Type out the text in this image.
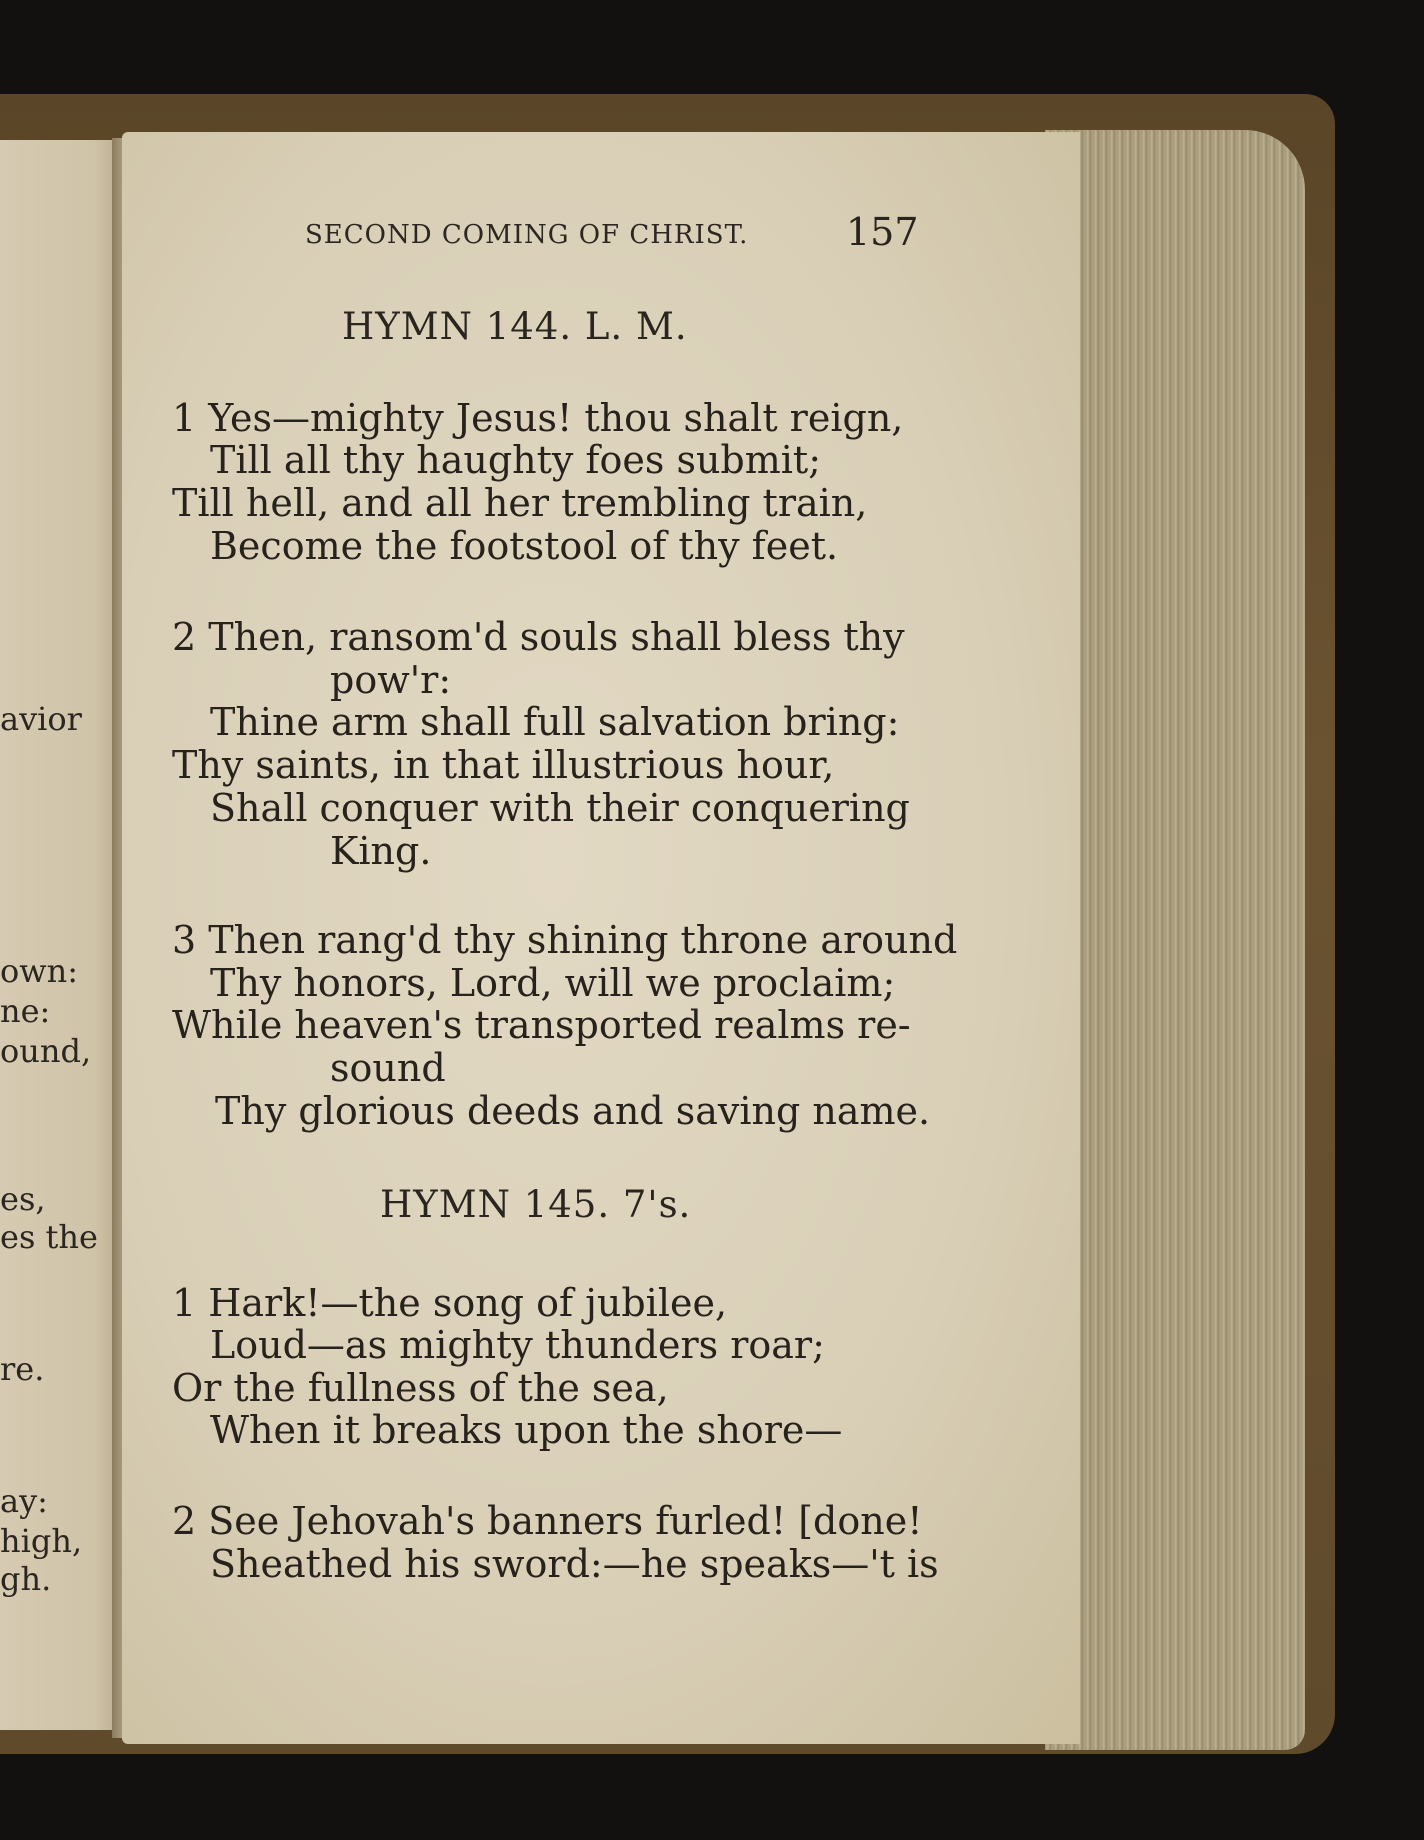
avior
own:
ne:
ound,
es,
es the
re.
ay:
high,
gh.
SECOND COMING OF CHRIST.	157
HYMN 144. L. M.
1 Yes—mighty Jesus! thou shalt reign,
Till all thy haughty foes submit;
Till hell, and all her trembling train,
Become the footstool of thy feet.
2 Then, ransom'd souls shall bless thy
pow'r:
Thine arm shall full salvation bring:
Thy saints, in that illustrious hour,
Shall conquer with their conquering
King.
3 Then rang'd thy shining throne around
Thy honors, Lord, will we proclaim;
While heaven's transported realms re-
sound
Thy glorious deeds and saving name.
HYMN 145. 7's.
1 Hark!—the song of jubilee,
Loud—as mighty thunders roar;
Or the fullness of the sea,
When it breaks upon the shore—
2 See Jehovah's banners furled! [done!
Sheathed his sword:—he speaks—'t is
